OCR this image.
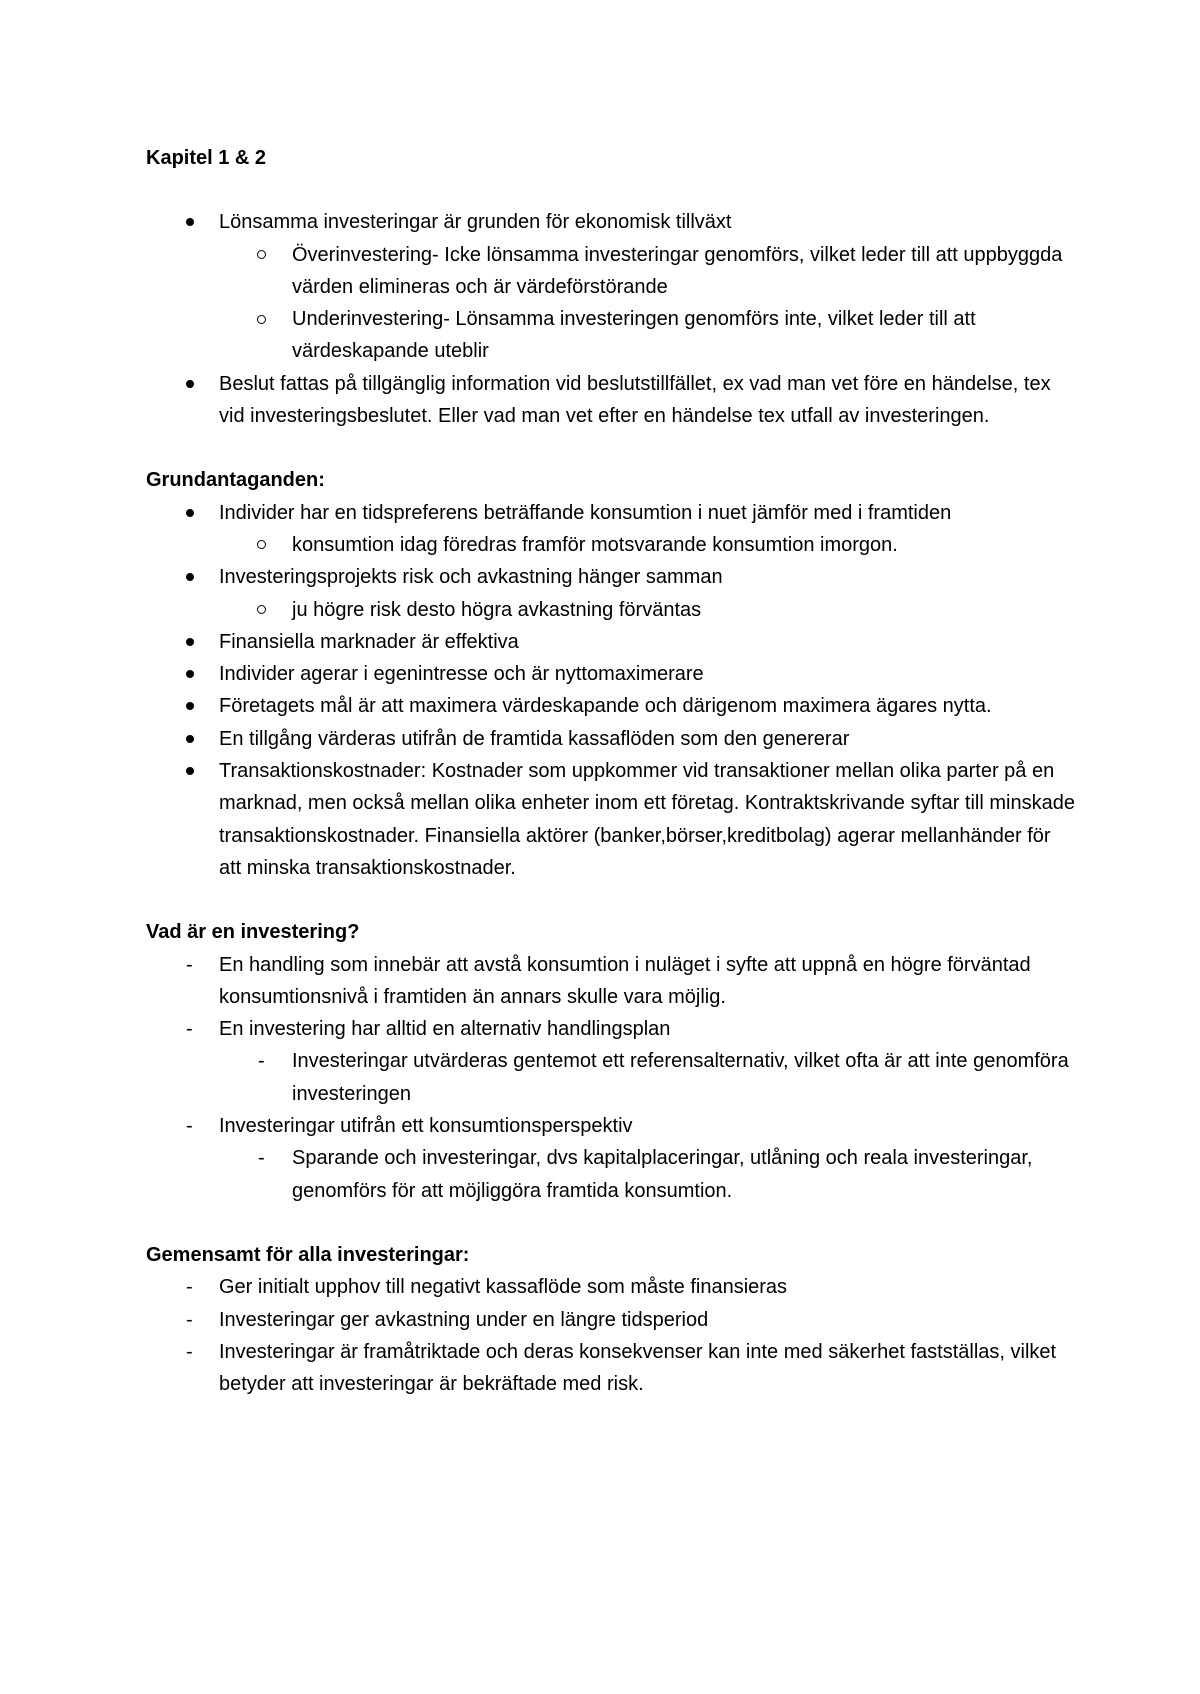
Kapitel 1 & 2

Lönsamma investeringar är grunden för ekonomisk tillväxt
Överinvestering- Icke lönsamma investeringar genomförs, vilket leder till att uppbyggda värden elimineras och är värdeförstörande
Underinvestering- Lönsamma investeringen genomförs inte, vilket leder till att värdeskapande uteblir
Beslut fattas på tillgänglig information vid beslutstillfället, ex vad man vet före en händelse, tex vid investeringsbeslutet. Eller vad man vet efter en händelse tex utfall av investeringen.

Grundantaganden:

Individer har en tidspreferens beträffande konsumtion i nuet jämför med i framtiden
konsumtion idag föredras framför motsvarande konsumtion imorgon.
Investeringsprojekts risk och avkastning hänger samman
ju högre risk desto högra avkastning förväntas
Finansiella marknader är effektiva
Individer agerar i egenintresse och är nyttomaximerare
Företagets mål är att maximera värdeskapande och därigenom maximera ägares nytta.
En tillgång värderas utifrån de framtida kassaflöden som den genererar
Transaktionskostnader: Kostnader som uppkommer vid transaktioner mellan olika parter på en marknad, men också mellan olika enheter inom ett företag. Kontraktskrivande syftar till minskade transaktionskostnader. Finansiella aktörer (banker,börser,kreditbolag) agerar mellanhänder för att minska transaktionskostnader.

Vad är en investering?

- En handling som innebär att avstå konsumtion i nuläget i syfte att uppnå en högre förväntad konsumtionsnivå i framtiden än annars skulle vara möjlig.
- En investering har alltid en alternativ handlingsplan
- Investeringar utvärderas gentemot ett referensalternativ, vilket ofta är att inte genomföra investeringen
- Investeringar utifrån ett konsumtionsperspektiv
- Sparande och investeringar, dvs kapitalplaceringar, utlåning och reala investeringar, genomförs för att möjliggöra framtida konsumtion.

Gemensamt för alla investeringar:

- Ger initialt upphov till negativt kassaflöde som måste finansieras
- Investeringar ger avkastning under en längre tidsperiod
- Investeringar är framåtriktade och deras konsekvenser kan inte med säkerhet fastställas, vilket betyder att investeringar är bekräftade med risk.
